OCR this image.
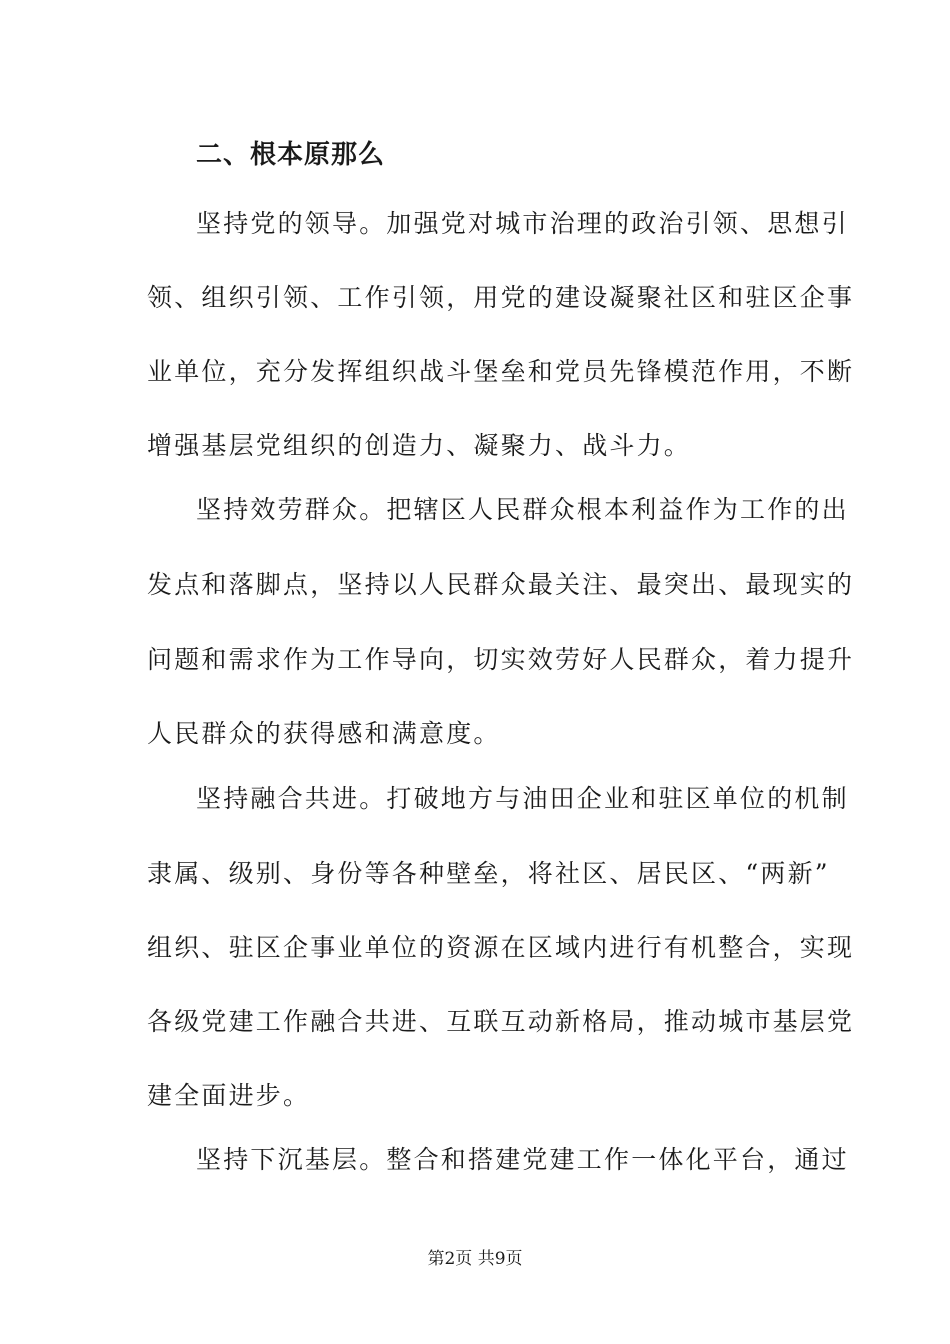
二、根本原那么
坚持党的领导。加强党对城市治理的政治引领、思想引
领、组织引领、工作引领，用党的建设凝聚社区和驻区企事
业单位，充分发挥组织战斗堡垒和党员先锋模范作用，不断
增强基层党组织的创造力、凝聚力、战斗力。
坚持效劳群众。把辖区人民群众根本利益作为工作的出
发点和落脚点，坚持以人民群众最关注、最突出、最现实的
问题和需求作为工作导向，切实效劳好人民群众，着力提升
人民群众的获得感和满意度。
坚持融合共进。打破地方与油田企业和驻区单位的机制
隶属、级别、身份等各种壁垒，将社区、居民区、“两新”
组织、驻区企事业单位的资源在区域内进行有机整合，实现
各级党建工作融合共进、互联互动新格局，推动城市基层党
建全面进步。
坚持下沉基层。整合和搭建党建工作一体化平台，通过
第2页 共9页
